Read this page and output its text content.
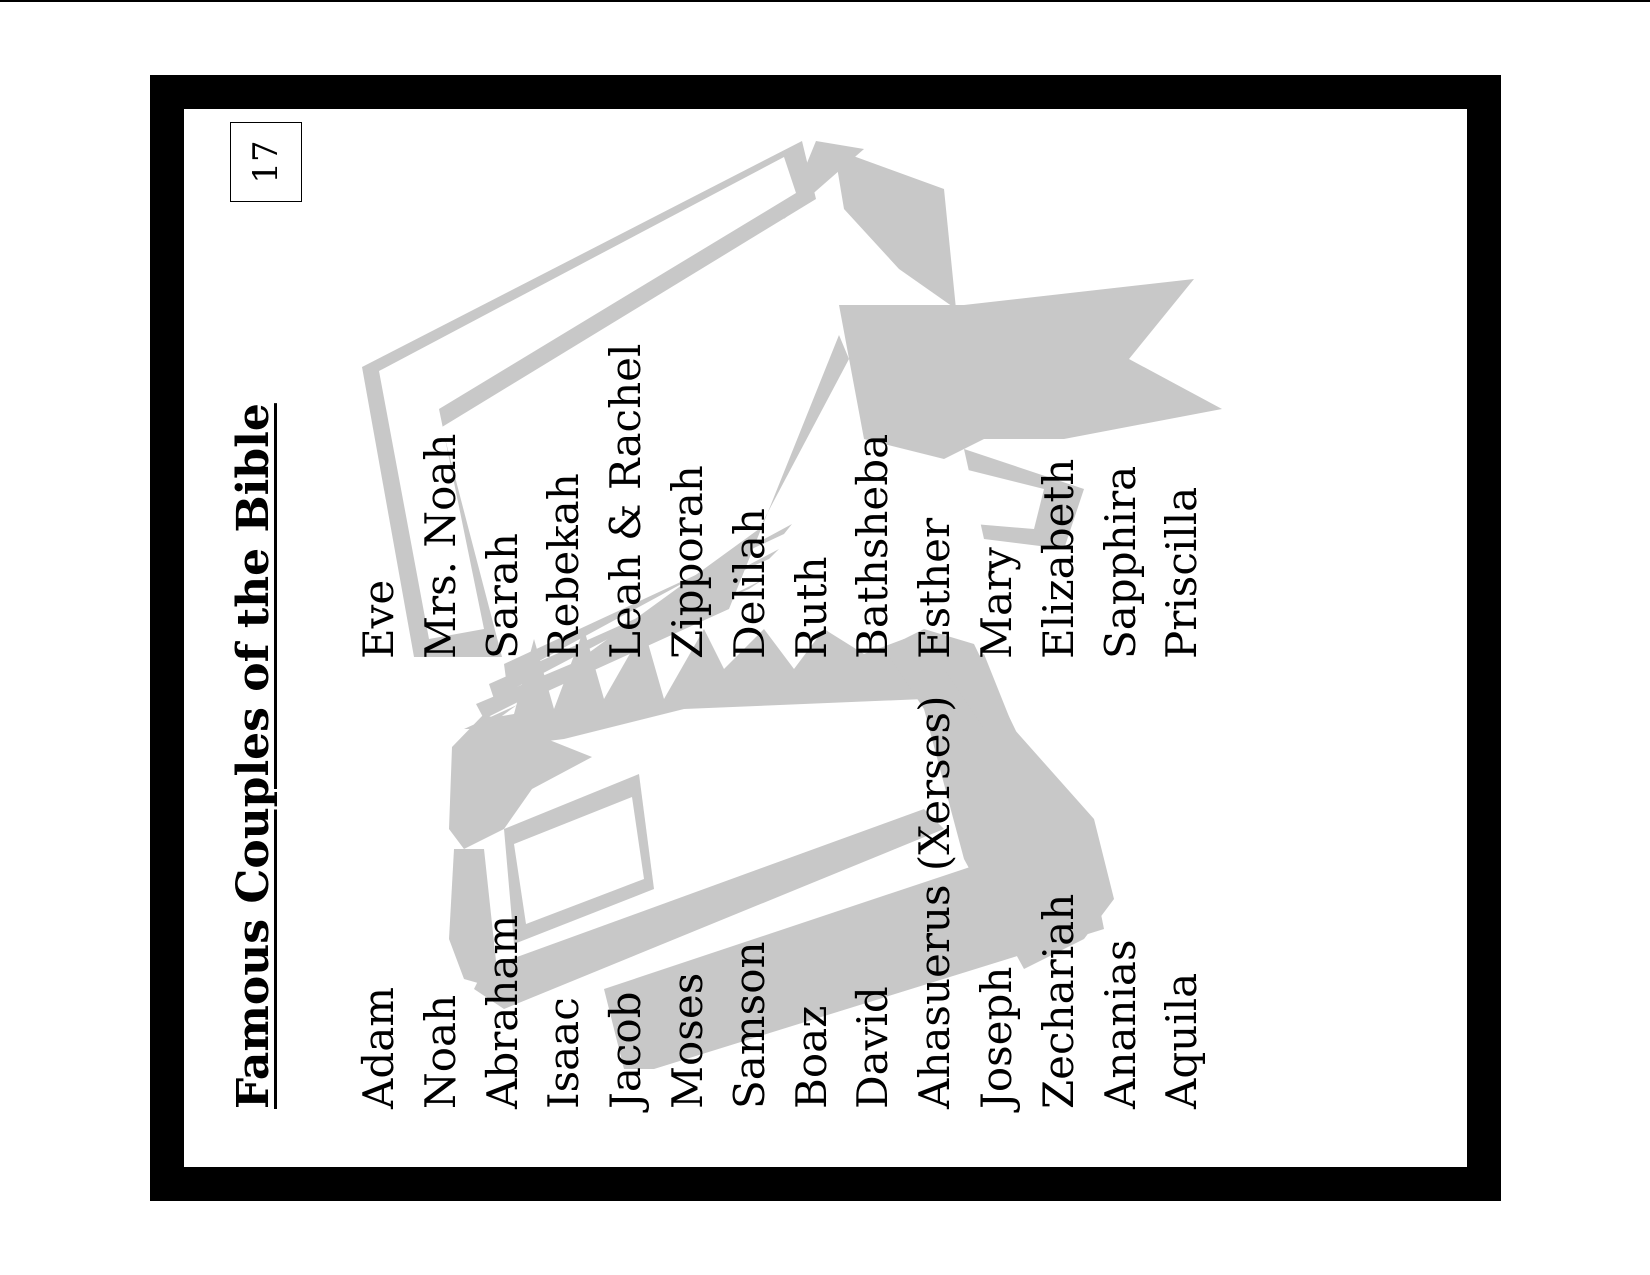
Famous Couples of the Bible
17
Adam
Eve
Noah
Mrs. Noah
Abraham
Sarah
Isaac
Rebekah
Jacob
Leah & Rachel
Moses
Zipporah
Samson
Delilah
Boaz
Ruth
David
Bathsheba
Ahasuerus (Xerses)
Esther
Joseph
Mary
Zechariah
Elizabeth
Ananias
Sapphira
Aquila
Priscilla
